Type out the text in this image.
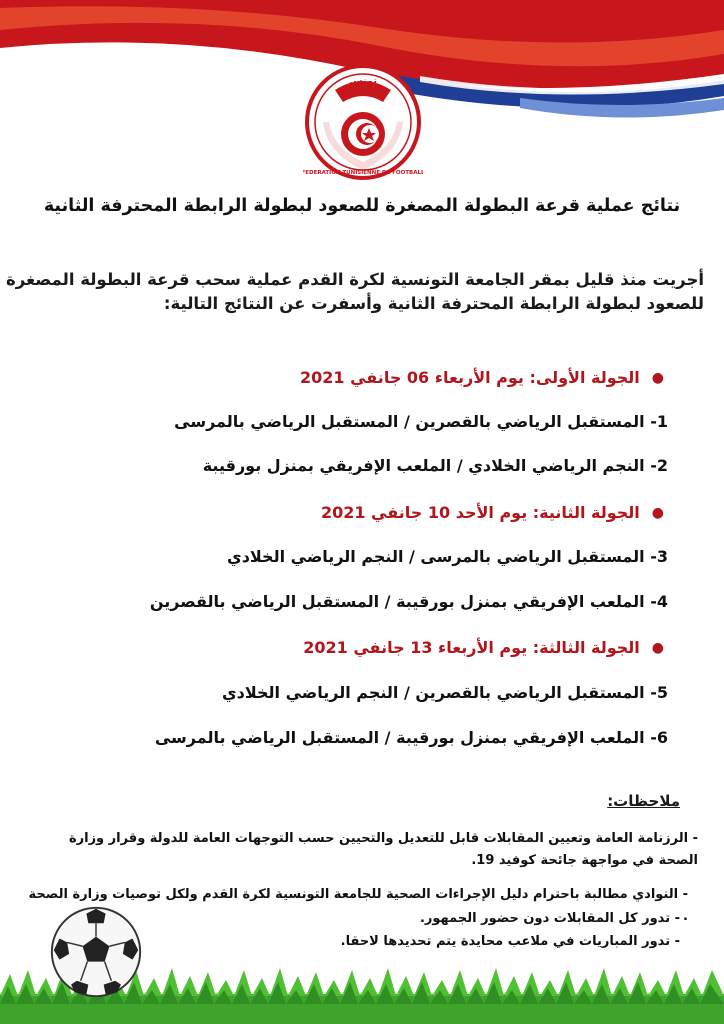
تونس
FEDERATION TUNISIENNE DE FOOTBALL
نتائج عملية قرعة البطولة المصغرة للصعود لبطولة الرابطة المحترفة الثانية

أجريت منذ قليل بمقر الجامعة التونسية لكرة القدم عملية سحب قرعة البطولة المصغرة للصعود لبطولة الرابطة المحترفة الثانية وأسفرت عن النتائج التالية:

●
الجولة الأولى: يوم الأربعاء 06 جانفي 2021
1- المستقبل الرياضي بالقصرين / المستقبل الرياضي بالمرسى
2- النجم الرياضي الخلادي / الملعب الإفريقي بمنزل بورقيبة
●
الجولة الثانية: يوم الأحد 10 جانفي 2021
3- المستقبل الرياضي بالمرسى / النجم الرياضي الخلادي
4- الملعب الإفريقي بمنزل بورقيبة / المستقبل الرياضي بالقصرين
●
الجولة الثالثة: يوم الأربعاء 13 جانفي 2021
5- المستقبل الرياضي بالقصرين / النجم الرياضي الخلادي
6- الملعب الإفريقي بمنزل بورقيبة / المستقبل الرياضي بالمرسى
ملاحظات:
- الرزنامة العامة وتعيين المقابلات قابل للتعديل والتحيين حسب التوجهات العامة للدولة وقرار وزارة الصحة في مواجهة جائحة كوفيد 19.
- النوادي مطالبة باحترام دليل الإجراءات الصحية للجامعة التونسية لكرة القدم ولكل توصيات وزارة الصحة .
- تدور كل المقابلات دون حضور الجمهور.
- تدور المباريات في ملاعب محايدة يتم تحديدها لاحقا.
